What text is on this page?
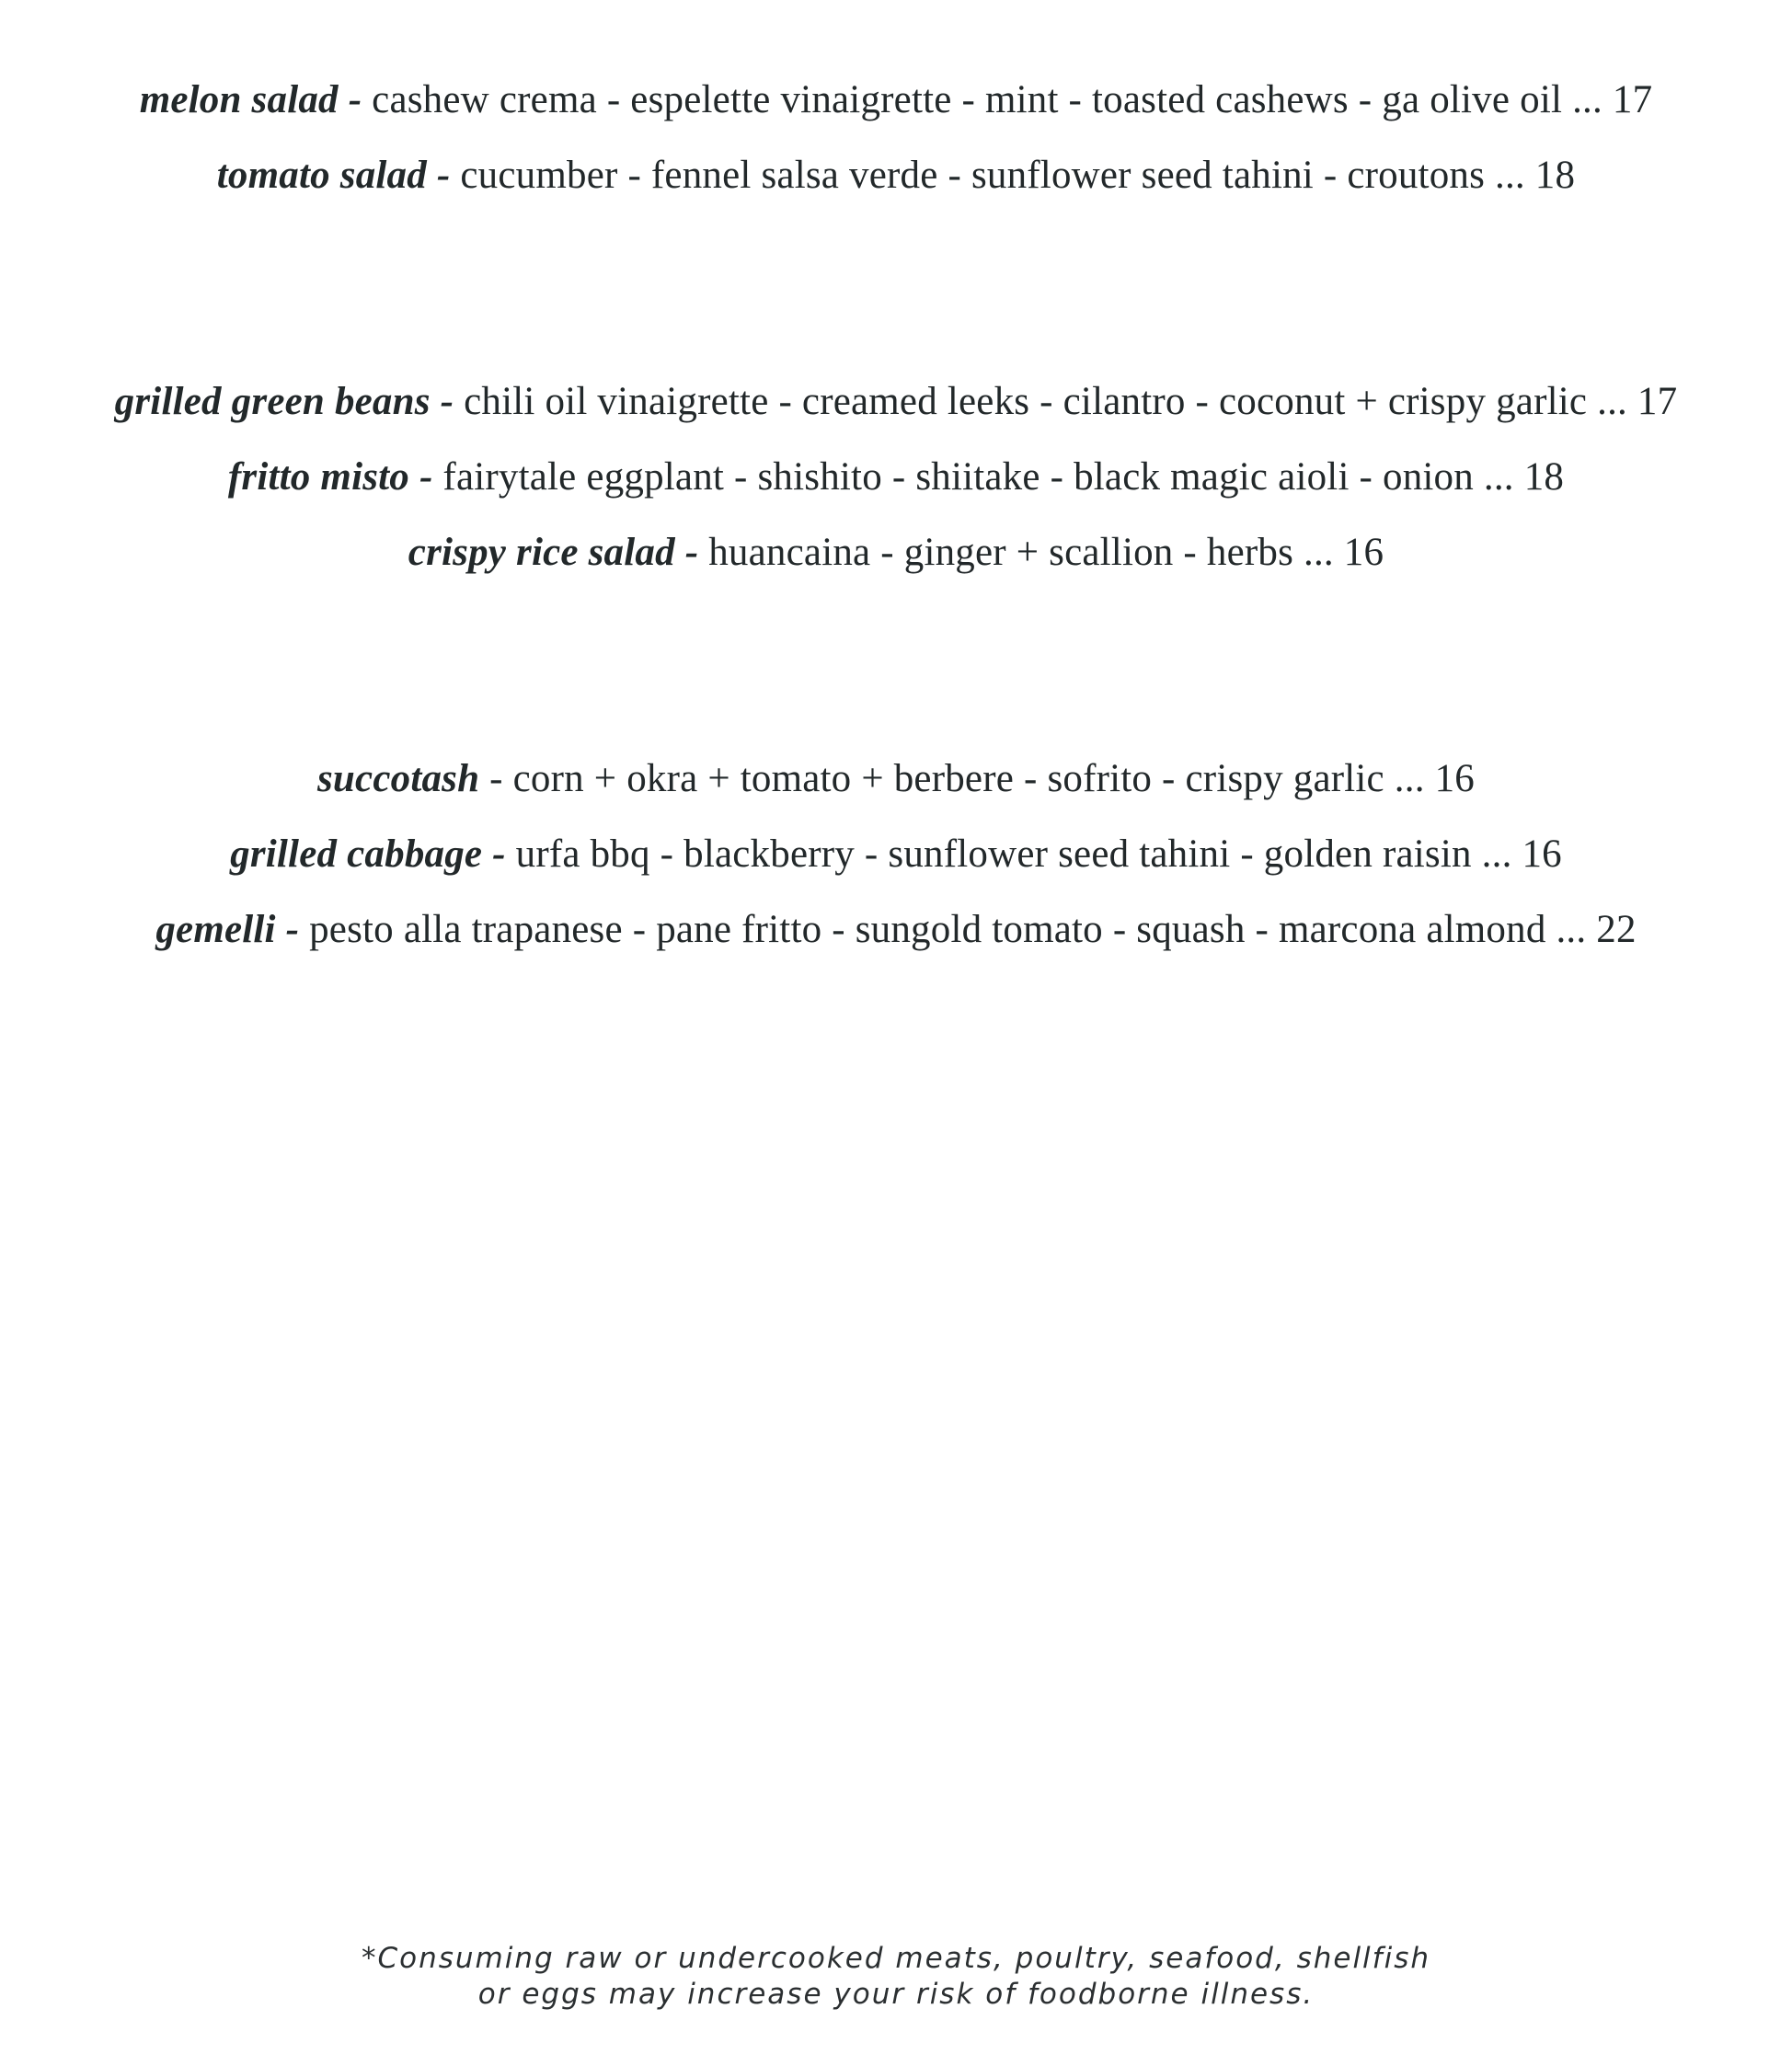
melon salad - cashew crema - espelette vinaigrette - mint - toasted cashews - ga olive oil ... 17
tomato salad - cucumber - fennel salsa verde - sunflower seed tahini - croutons ... 18
grilled green beans - chili oil vinaigrette - creamed leeks - cilantro - coconut + crispy garlic ... 17
fritto misto - fairytale eggplant - shishito - shiitake - black magic aioli - onion ... 18
crispy rice salad - huancaina - ginger + scallion - herbs ... 16
succotash - corn + okra + tomato + berbere - sofrito - crispy garlic ... 16
grilled cabbage - urfa bbq - blackberry - sunflower seed tahini - golden raisin ... 16
gemelli - pesto alla trapanese - pane fritto - sungold tomato - squash - marcona almond ... 22
*Consuming raw or undercooked meats, poultry, seafood, shellfish
or eggs may increase your risk of foodborne illness.
